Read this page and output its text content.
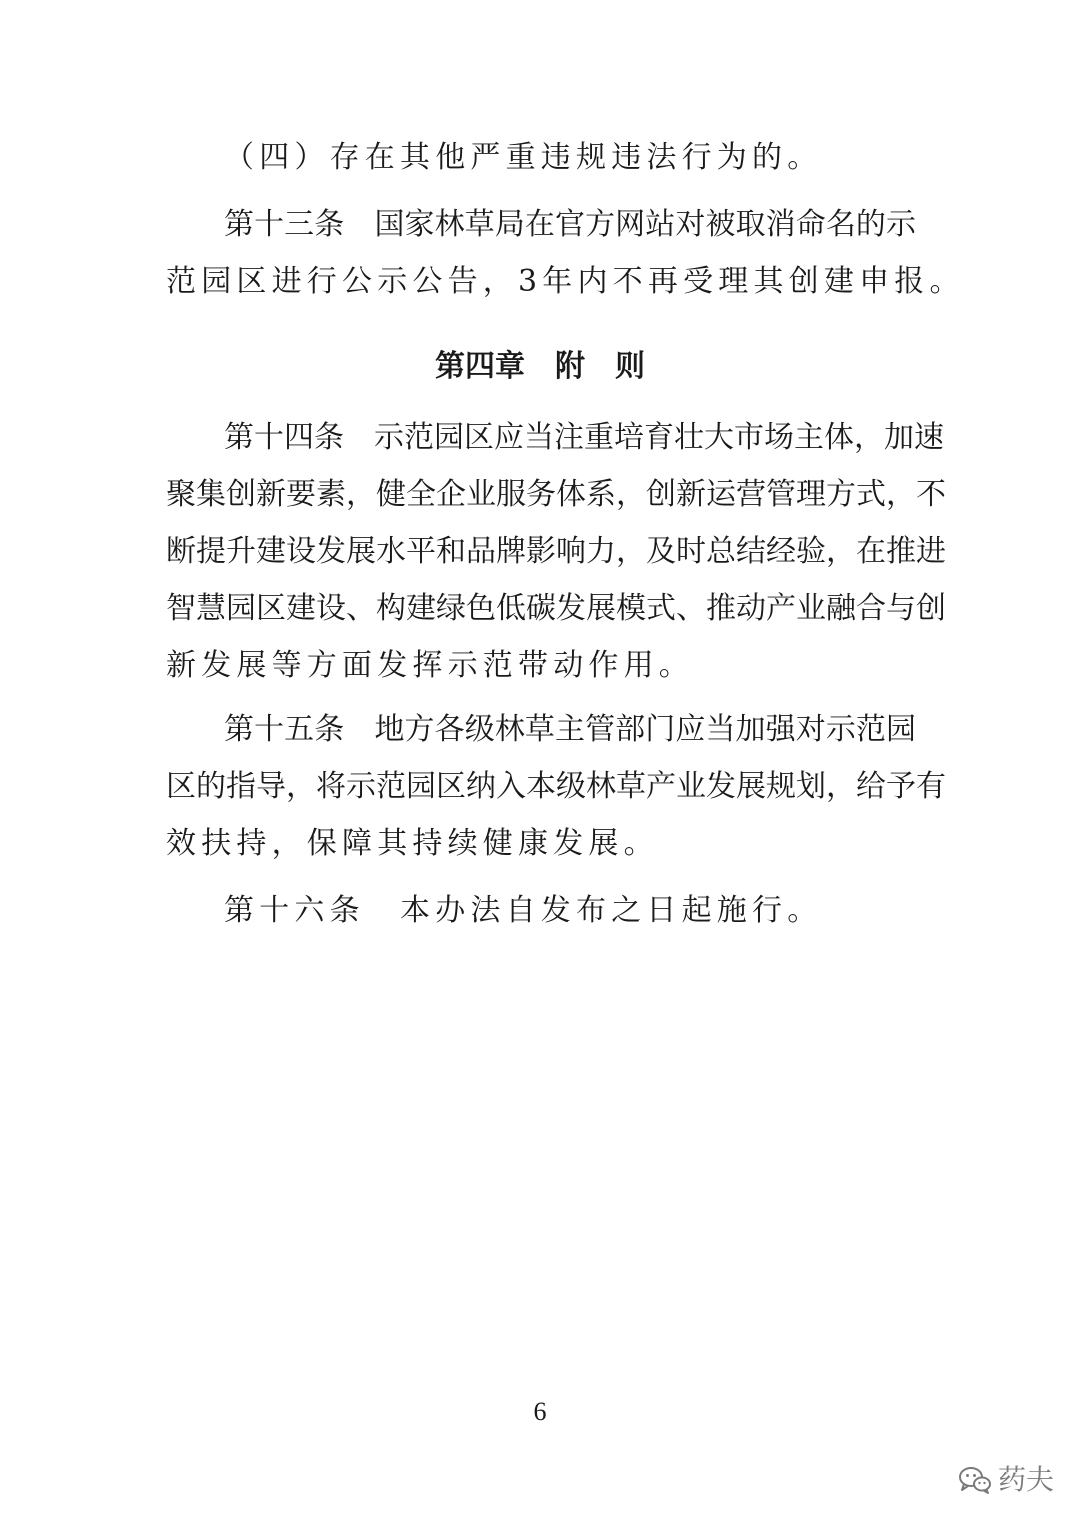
（四）存在其他严重违规违法行为的。
第十三条　国家林草局在官方网站对被取消命名的示
范园区进行公示公告，3年内不再受理其创建申报。
第四章　附　则
第十四条　示范园区应当注重培育壮大市场主体，加速
聚集创新要素，健全企业服务体系，创新运营管理方式，不
断提升建设发展水平和品牌影响力，及时总结经验，在推进
智慧园区建设、构建绿色低碳发展模式、推动产业融合与创
新发展等方面发挥示范带动作用。
第十五条　地方各级林草主管部门应当加强对示范园
区的指导，将示范园区纳入本级林草产业发展规划，给予有
效扶持，保障其持续健康发展。
第十六条　本办法自发布之日起施行。
6
药夫
